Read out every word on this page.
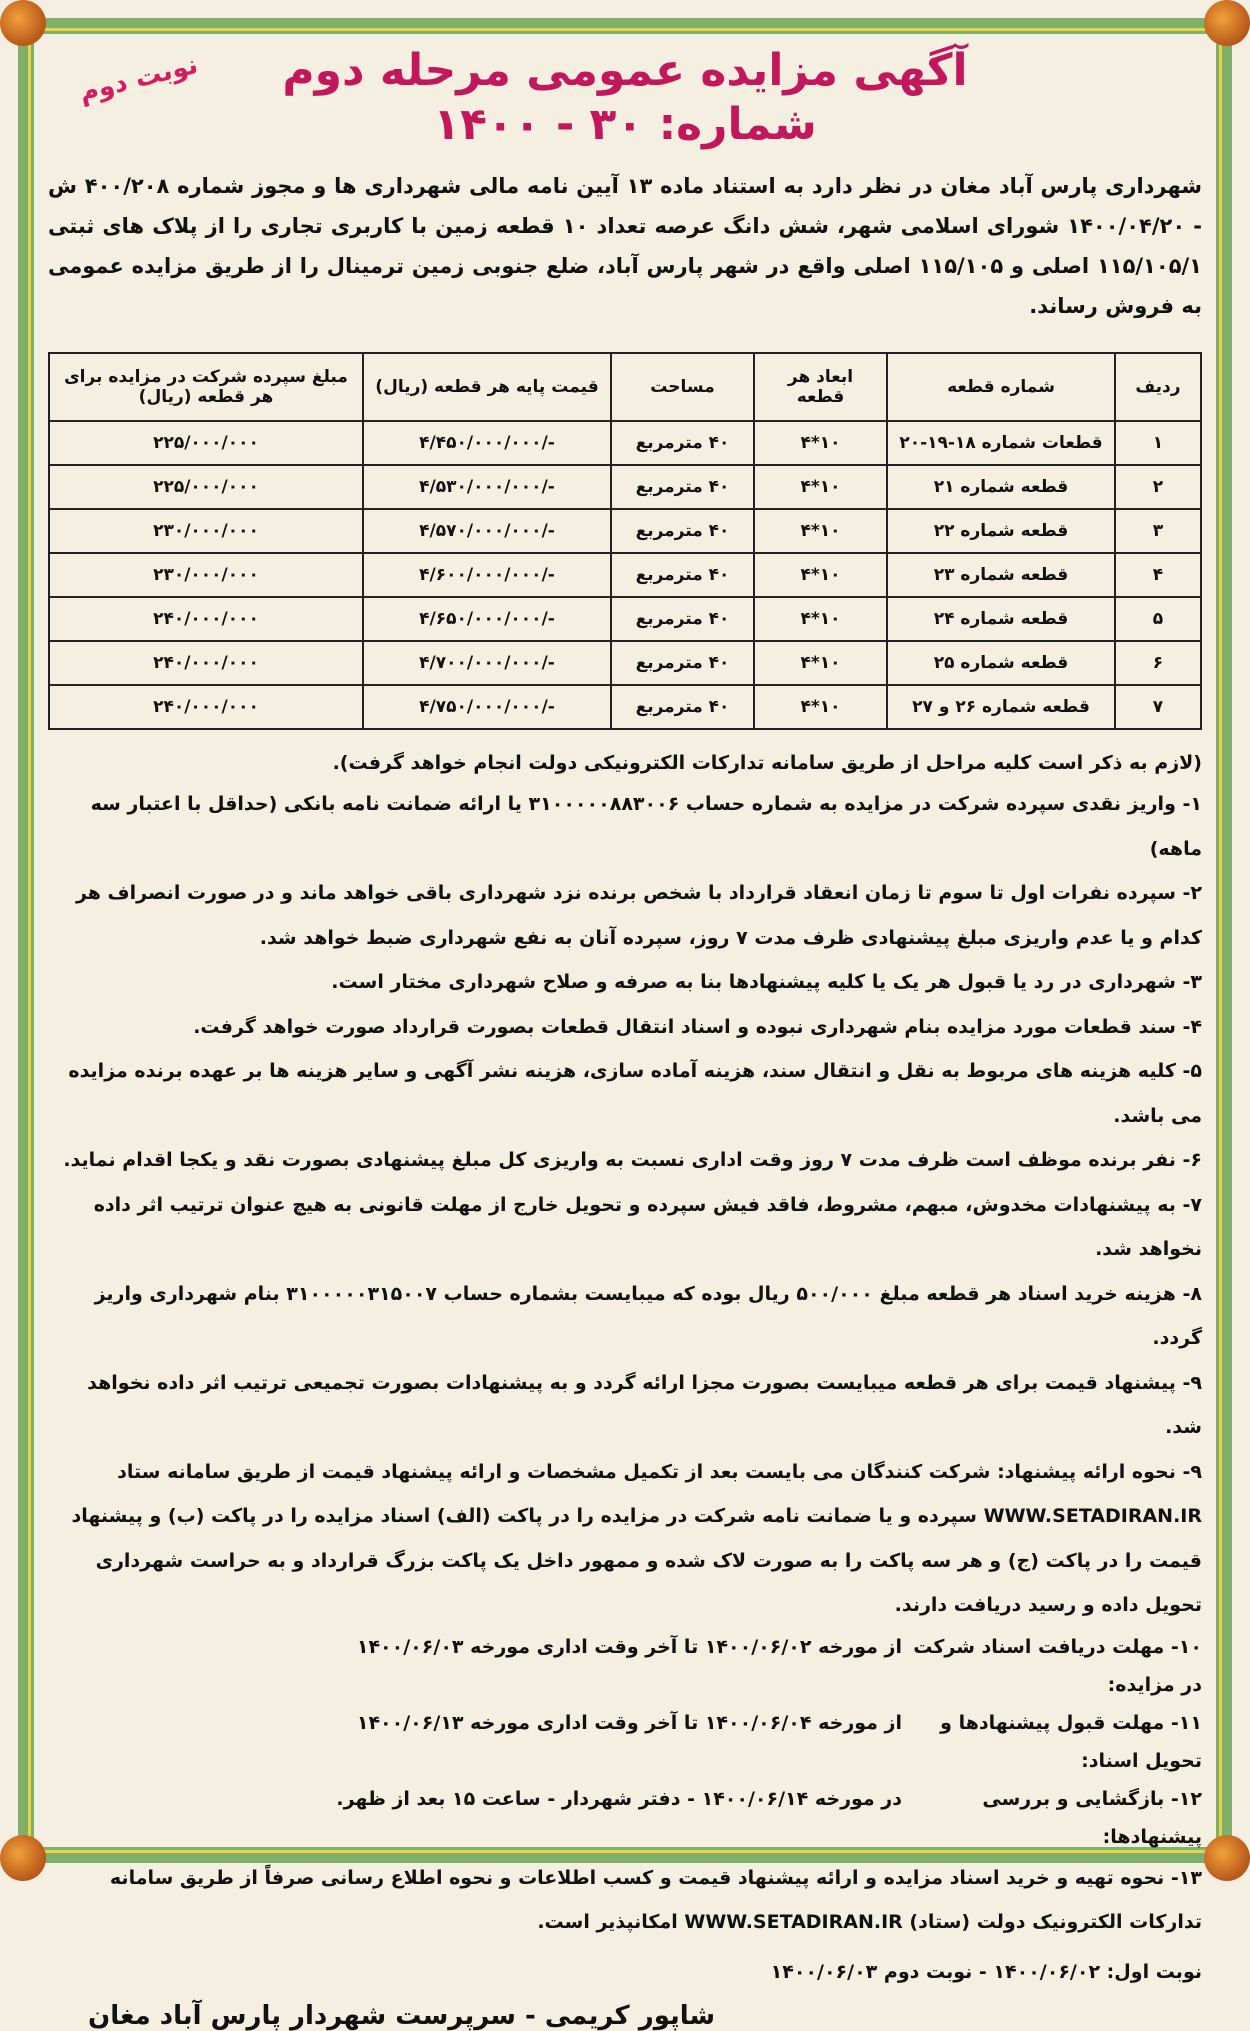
نوبت دوم	آگهی مزایده عمومی مرحله دوم
شماره: ۳۰ - ۱۴۰۰

شهرداری پارس آباد مغان در نظر دارد به استناد ماده ۱۳ آیین نامه مالی شهرداری ها و مجوز شماره ۴۰۰/۲۰۸ ش - ۱۴۰۰/۰۴/۲۰ شورای اسلامی شهر، شش دانگ عرصه تعداد ۱۰ قطعه زمین با کاربری تجاری را از پلاک های ثبتی ۱۱۵/۱۰۵/۱ اصلی و ۱۱۵/۱۰۵ اصلی واقع در شهر پارس آباد، ضلع جنوبی زمین ترمینال را از طریق مزایده عمومی به فروش رساند.

ردیف	شماره قطعه	ابعاد هر قطعه	مساحت	قیمت پایه هر قطعه (ریال)	مبلغ سپرده شرکت در مزایده برای هر قطعه (ریال)
۱	قطعات شماره ۱۸-۱۹-۲۰	۱۰*۴	۴۰ مترمربع	-/۴/۴۵۰/۰۰۰/۰۰۰	۲۲۵/۰۰۰/۰۰۰
۲	قطعه شماره ۲۱	۱۰*۴	۴۰ مترمربع	-/۴/۵۳۰/۰۰۰/۰۰۰	۲۲۵/۰۰۰/۰۰۰
۳	قطعه شماره ۲۲	۱۰*۴	۴۰ مترمربع	-/۴/۵۷۰/۰۰۰/۰۰۰	۲۳۰/۰۰۰/۰۰۰
۴	قطعه شماره ۲۳	۱۰*۴	۴۰ مترمربع	-/۴/۶۰۰/۰۰۰/۰۰۰	۲۳۰/۰۰۰/۰۰۰
۵	قطعه شماره ۲۴	۱۰*۴	۴۰ مترمربع	-/۴/۶۵۰/۰۰۰/۰۰۰	۲۴۰/۰۰۰/۰۰۰
۶	قطعه شماره ۲۵	۱۰*۴	۴۰ مترمربع	-/۴/۷۰۰/۰۰۰/۰۰۰	۲۴۰/۰۰۰/۰۰۰
۷	قطعه شماره ۲۶ و ۲۷	۱۰*۴	۴۰ مترمربع	-/۴/۷۵۰/۰۰۰/۰۰۰	۲۴۰/۰۰۰/۰۰۰

(لازم به ذکر است کلیه مراحل از طریق سامانه تدارکات الکترونیکی دولت انجام خواهد گرفت).

۱- واریز نقدی سپرده شرکت در مزایده به شماره حساب ۳۱۰۰۰۰۰۸۸۳۰۰۶ یا ارائه ضمانت نامه بانکی (حداقل با اعتبار سه ماهه)

۲- سپرده نفرات اول تا سوم تا زمان انعقاد قرارداد با شخص برنده نزد شهرداری باقی خواهد ماند و در صورت انصراف هر کدام و یا عدم واریزی مبلغ پیشنهادی ظرف مدت ۷ روز، سپرده آنان به نفع شهرداری ضبط خواهد شد.

۳- شهرداری در رد یا قبول هر یک یا کلیه پیشنهادها بنا به صرفه و صلاح شهرداری مختار است.

۴- سند قطعات مورد مزایده بنام شهرداری نبوده و اسناد انتقال قطعات بصورت قرارداد صورت خواهد گرفت.

۵- کلیه هزینه های مربوط به نقل و انتقال سند، هزینه آماده سازی، هزینه نشر آگهی و سایر هزینه ها بر عهده برنده مزایده می باشد.

۶- نفر برنده موظف است ظرف مدت ۷ روز وقت اداری نسبت به واریزی کل مبلغ پیشنهادی بصورت نقد و یکجا اقدام نماید.

۷- به پیشنهادات مخدوش، مبهم، مشروط، فاقد فیش سپرده و تحویل خارج از مهلت قانونی به هیچ عنوان ترتیب اثر داده نخواهد شد.

۸- هزینه خرید اسناد هر قطعه مبلغ ۵۰۰/۰۰۰ ریال بوده که میبایست بشماره حساب ۳۱۰۰۰۰۰۳۱۵۰۰۷ بنام شهرداری واریز گردد.

۹- پیشنهاد قیمت برای هر قطعه میبایست بصورت مجزا ارائه گردد و به پیشنهادات بصورت تجمیعی ترتیب اثر داده نخواهد شد.

۹- نحوه ارائه پیشنهاد: شرکت کنندگان می بایست بعد از تکمیل مشخصات و ارائه پیشنهاد قیمت از طریق سامانه ستاد WWW.SETADIRAN.IR سپرده و یا ضمانت نامه شرکت در مزایده را در پاکت (الف) اسناد مزایده را در پاکت (ب) و پیشنهاد قیمت را در پاکت (ج) و هر سه پاکت را به صورت لاک شده و ممهور داخل یک پاکت بزرگ قرارداد و به حراست شهرداری تحویل داده و رسید دریافت دارند.

۱۰- مهلت دریافت اسناد شرکت در مزایده:
از مورخه ۱۴۰۰/۰۶/۰۲ تا آخر وقت اداری مورخه ۱۴۰۰/۰۶/۰۳
۱۱- مهلت قبول پیشنهادها و تحویل اسناد:
از مورخه ۱۴۰۰/۰۶/۰۴ تا آخر وقت اداری مورخه ۱۴۰۰/۰۶/۱۳
۱۲- بازگشایی و بررسی پیشنهادها:
در مورخه ۱۴۰۰/۰۶/۱۴ - دفتر شهردار - ساعت ۱۵ بعد از ظهر.

۱۳- نحوه تهیه و خرید اسناد مزایده و ارائه پیشنهاد قیمت و کسب اطلاعات و نحوه اطلاع رسانی صرفاً از طریق سامانه تدارکات الکترونیک دولت (ستاد) WWW.SETADIRAN.IR امکانپذیر است.

نوبت اول: ۱۴۰۰/۰۶/۰۲ - نوبت دوم ۱۴۰۰/۰۶/۰۳
شاپور کریمی - سرپرست شهردار پارس آباد مغان
